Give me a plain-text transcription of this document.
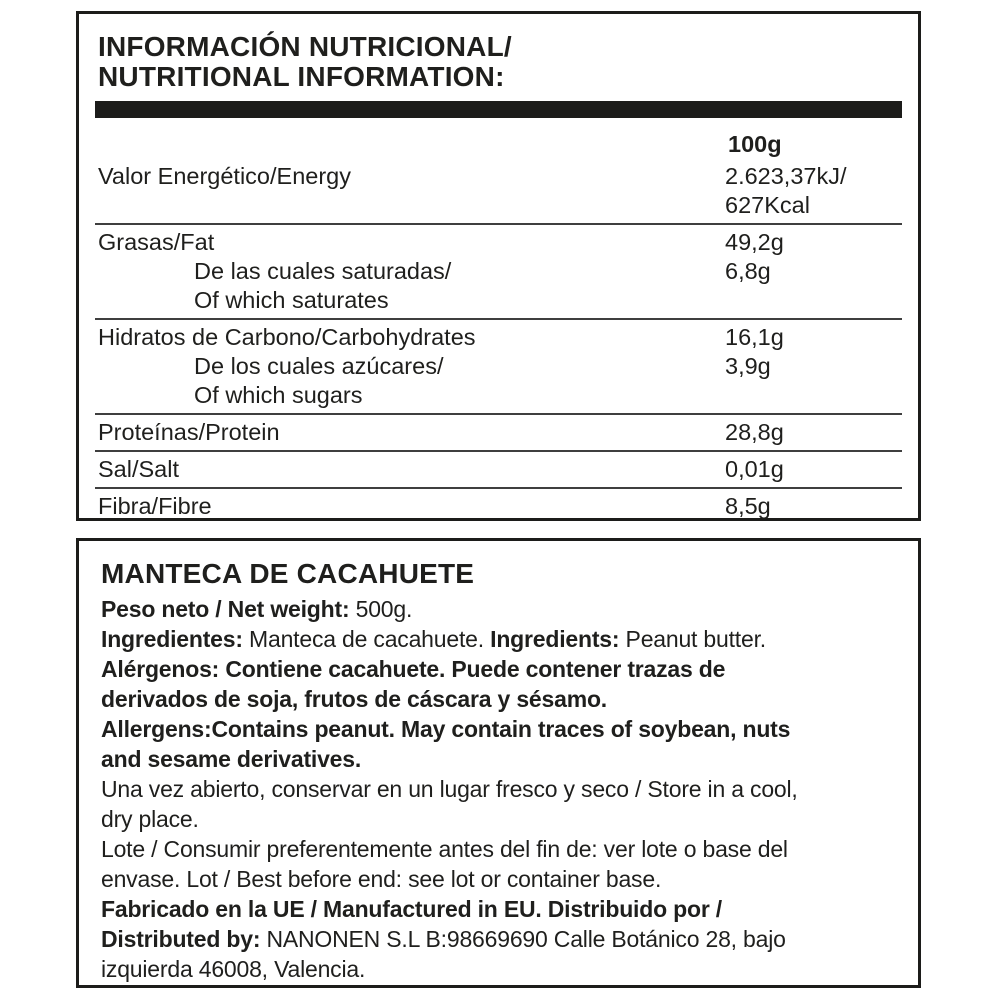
INFORMACIÓN NUTRICIONAL/
NUTRITIONAL INFORMATION:
100g
Valor Energético/Energy	2.623,37kJ/
627Kcal
Grasas/Fat	49,2g
De las cuales saturadas/	6,8g
Of which saturates
Hidratos de Carbono/Carbohydrates	16,1g
De los cuales azúcares/	3,9g
Of which sugars
Proteínas/Protein	28,8g
Sal/Salt	0,01g
Fibra/Fibre	8,5g
MANTECA DE CACAHUETE
Peso neto / Net weight: 500g.
Ingredientes: Manteca de cacahuete. Ingredients: Peanut butter.
Alérgenos: Contiene cacahuete. Puede contener trazas de
derivados de soja, frutos de cáscara y sésamo.
Allergens:Contains peanut. May contain traces of soybean, nuts
and sesame derivatives.
Una vez abierto, conservar en un lugar fresco y seco / Store in a cool,
dry place.
Lote / Consumir preferentemente antes del fin de: ver lote o base del
envase. Lot / Best before end: see lot or container base.
Fabricado en la UE / Manufactured in EU. Distribuido por /
Distributed by: NANONEN S.L B:98669690 Calle Botánico 28, bajo
izquierda 46008, Valencia.
